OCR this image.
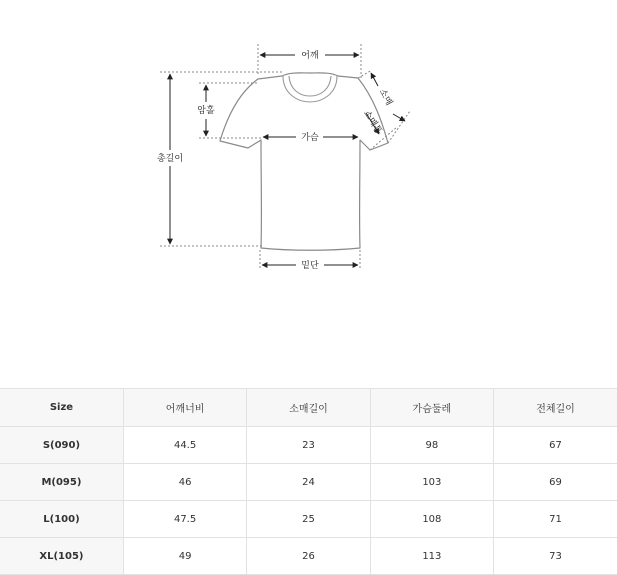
어깨
암홀
가슴
총길이
밑단
소매
소매통
Size	어깨너비	소매길이	가슴둘레	전체길이
S(090)	44.5	23	98	67
M(095)	46	24	103	69
L(100)	47.5	25	108	71
XL(105)	49	26	113	73
